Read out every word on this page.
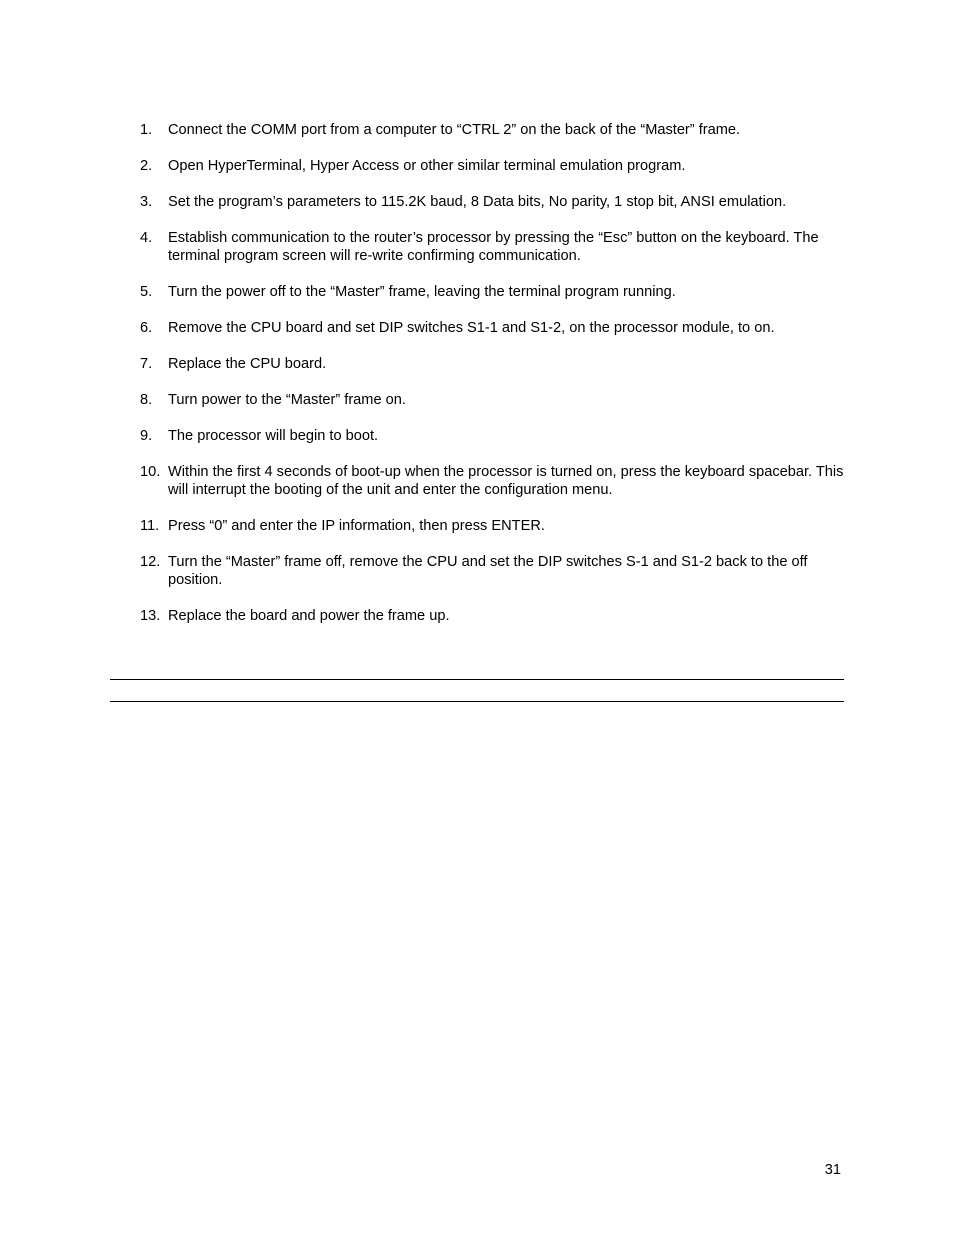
1.	Connect the COMM port from a computer to “CTRL 2” on the back of the “Master” frame.
2.	Open HyperTerminal, Hyper Access or other similar terminal emulation program.
3.	Set the program’s parameters to 115.2K baud, 8 Data bits, No parity, 1 stop bit, ANSI emulation.
4.	Establish communication to the router’s processor by pressing the “Esc” button on the keyboard. The terminal program screen will re-write confirming communication.
5.	Turn the power off to the “Master” frame, leaving the terminal program running.
6.	Remove the CPU board and set DIP switches S1-1 and S1-2, on the processor module, to on.
7.	Replace the CPU board.
8.	Turn power to the “Master” frame on.
9.	The processor will begin to boot.
10. Within the first 4 seconds of boot-up when the processor is turned on, press the keyboard spacebar. This will interrupt the booting of the unit and enter the configuration menu.
11. Press “0” and enter the IP information, then press ENTER.
12. Turn the “Master” frame off, remove the CPU and set the DIP switches S-1 and S1-2 back to the off position.
13. Replace the board and power the frame up.
31
